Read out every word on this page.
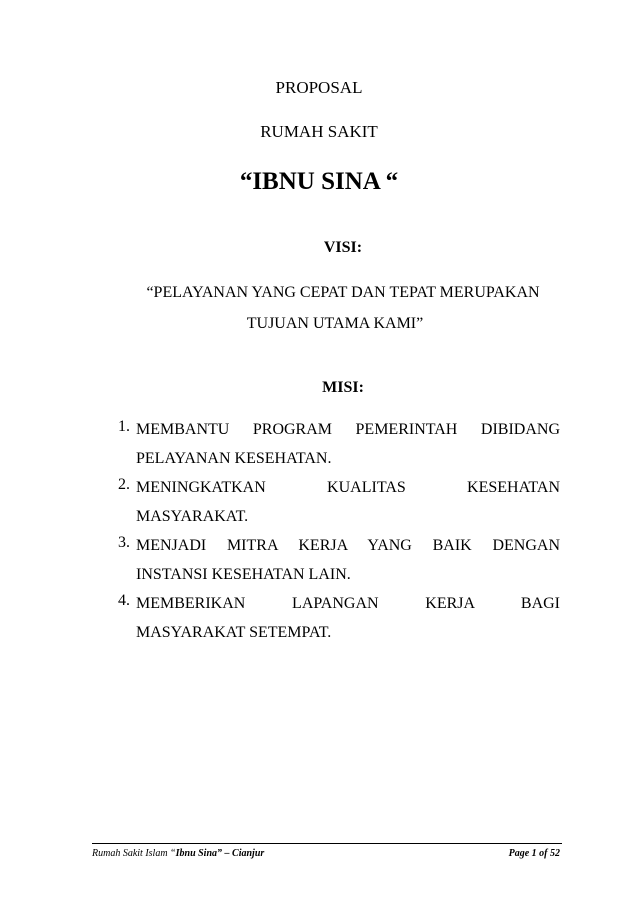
PROPOSAL
RUMAH SAKIT
“IBNU SINA “
VISI:
“PELAYANAN YANG CEPAT DAN TEPAT MERUPAKAN
TUJUAN UTAMA KAMI”
MISI:
1. MEMBANTU PROGRAM PEMERINTAH DIBIDANG
PELAYANAN KESEHATAN.
2. MENINGKATKAN KUALITAS KESEHATAN
MASYARAKAT.
3. MENJADI MITRA KERJA YANG BAIK DENGAN
INSTANSI KESEHATAN LAIN.
4. MEMBERIKAN LAPANGAN KERJA BAGI
MASYARAKAT SETEMPAT.
Rumah Sakit Islam “Ibnu Sina” – Cianjur	Page 1 of 52
